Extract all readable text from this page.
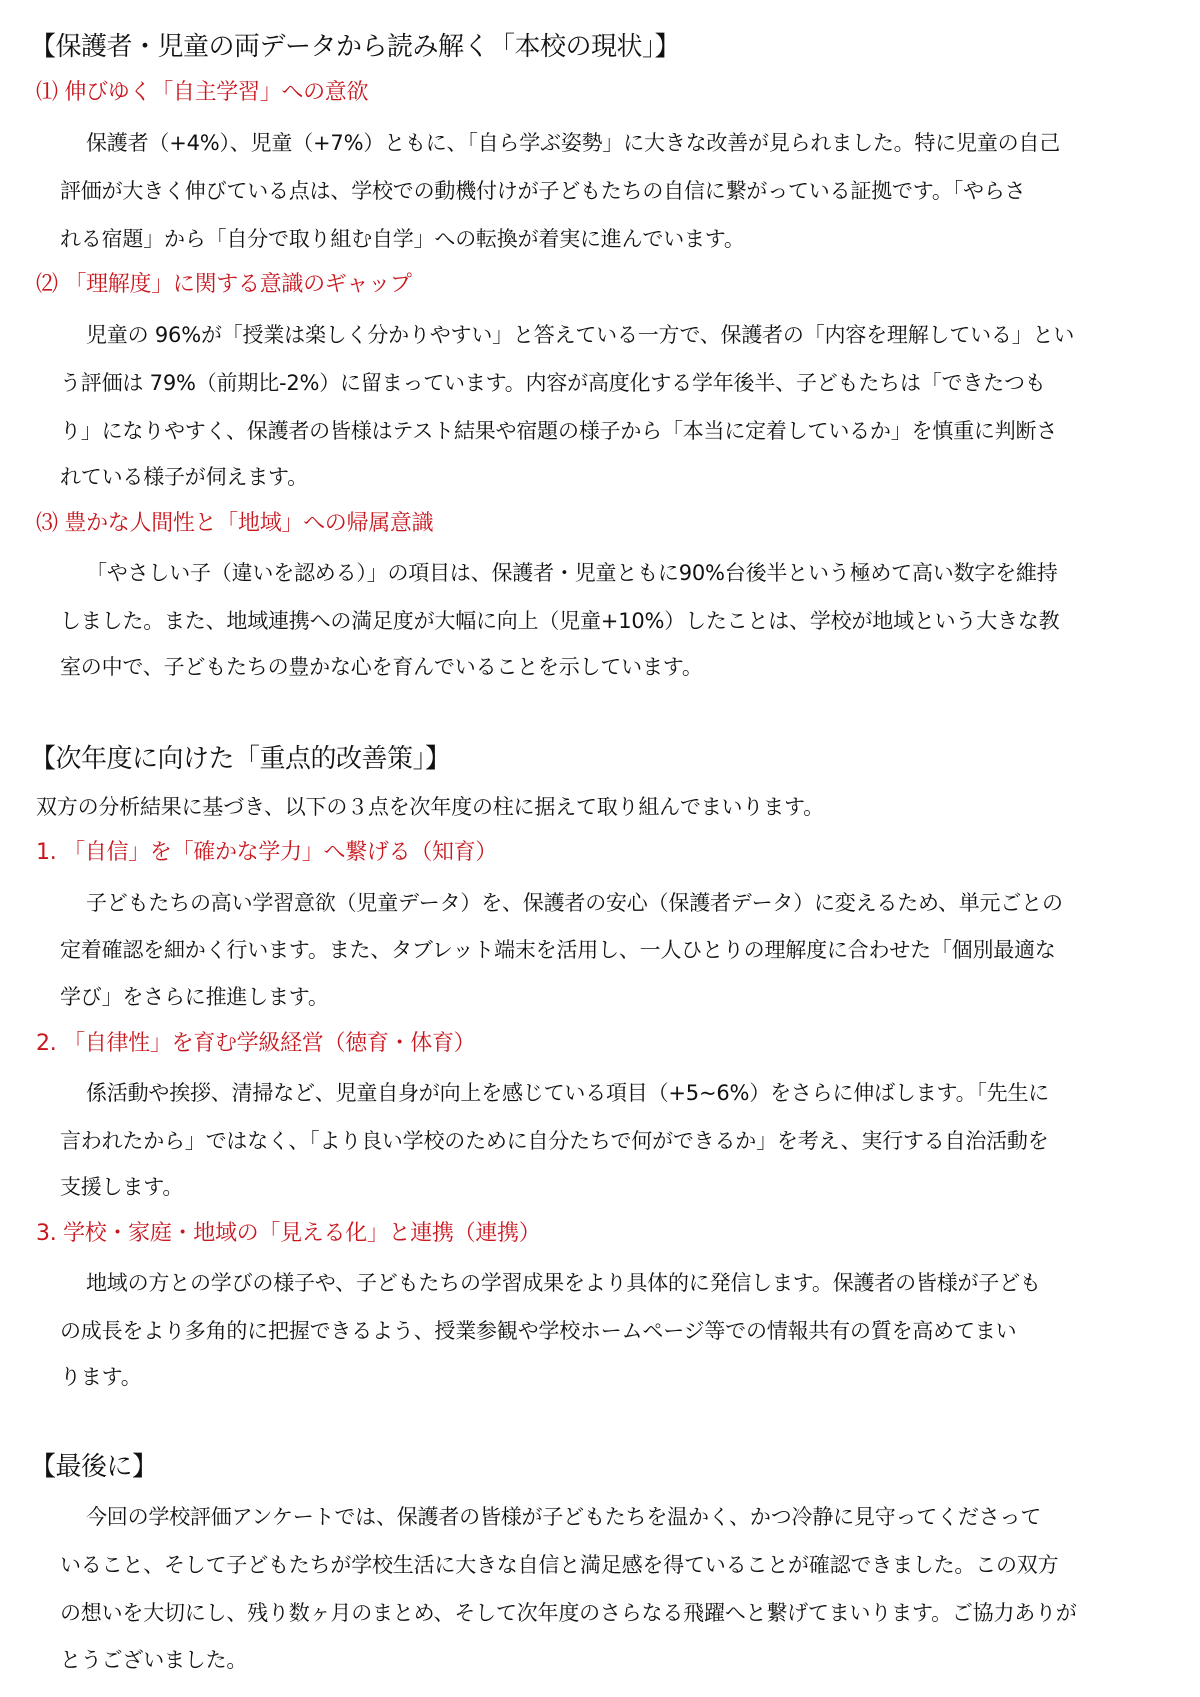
【保護者・児童の両データから読み解く「本校の現状」】
⑴ 伸びゆく「自主学習」への意欲
保護者（+4%）、児童（+7%）ともに、「自ら学ぶ姿勢」に大きな改善が見られました。特に児童の自己
評価が大きく伸びている点は、学校での動機付けが子どもたちの自信に繋がっている証拠です。「やらさ
れる宿題」から「自分で取り組む自学」への転換が着実に進んでいます。
⑵ 「理解度」に関する意識のギャップ
児童の 96%が「授業は楽しく分かりやすい」と答えている一方で、保護者の「内容を理解している」とい
う評価は 79%（前期比-2%）に留まっています。内容が高度化する学年後半、子どもたちは「できたつも
り」になりやすく、保護者の皆様はテスト結果や宿題の様子から「本当に定着しているか」を慎重に判断さ
れている様子が伺えます。
⑶ 豊かな人間性と「地域」への帰属意識
「やさしい子（違いを認める）」の項目は、保護者・児童ともに90%台後半という極めて高い数字を維持
しました。また、地域連携への満足度が大幅に向上（児童+10%）したことは、学校が地域という大きな教
室の中で、子どもたちの豊かな心を育んでいることを示しています。
【次年度に向けた「重点的改善策」】
双方の分析結果に基づき、以下の３点を次年度の柱に据えて取り組んでまいります。
1. 「自信」を「確かな学力」へ繋げる（知育）
子どもたちの高い学習意欲（児童データ）を、保護者の安心（保護者データ）に変えるため、単元ごとの
定着確認を細かく行います。また、タブレット端末を活用し、一人ひとりの理解度に合わせた「個別最適な
学び」をさらに推進します。
2. 「自律性」を育む学級経営（徳育・体育）
係活動や挨拶、清掃など、児童自身が向上を感じている項目（+5~6%）をさらに伸ばします。「先生に
言われたから」ではなく、「より良い学校のために自分たちで何ができるか」を考え、実行する自治活動を
支援します。
3. 学校・家庭・地域の「見える化」と連携（連携）
地域の方との学びの様子や、子どもたちの学習成果をより具体的に発信します。保護者の皆様が子ども
の成長をより多角的に把握できるよう、授業参観や学校ホームページ等での情報共有の質を高めてまい
ります。
【最後に】
今回の学校評価アンケートでは、保護者の皆様が子どもたちを温かく、かつ冷静に見守ってくださって
いること、そして子どもたちが学校生活に大きな自信と満足感を得ていることが確認できました。この双方
の想いを大切にし、残り数ヶ月のまとめ、そして次年度のさらなる飛躍へと繋げてまいります。ご協力ありが
とうございました。
